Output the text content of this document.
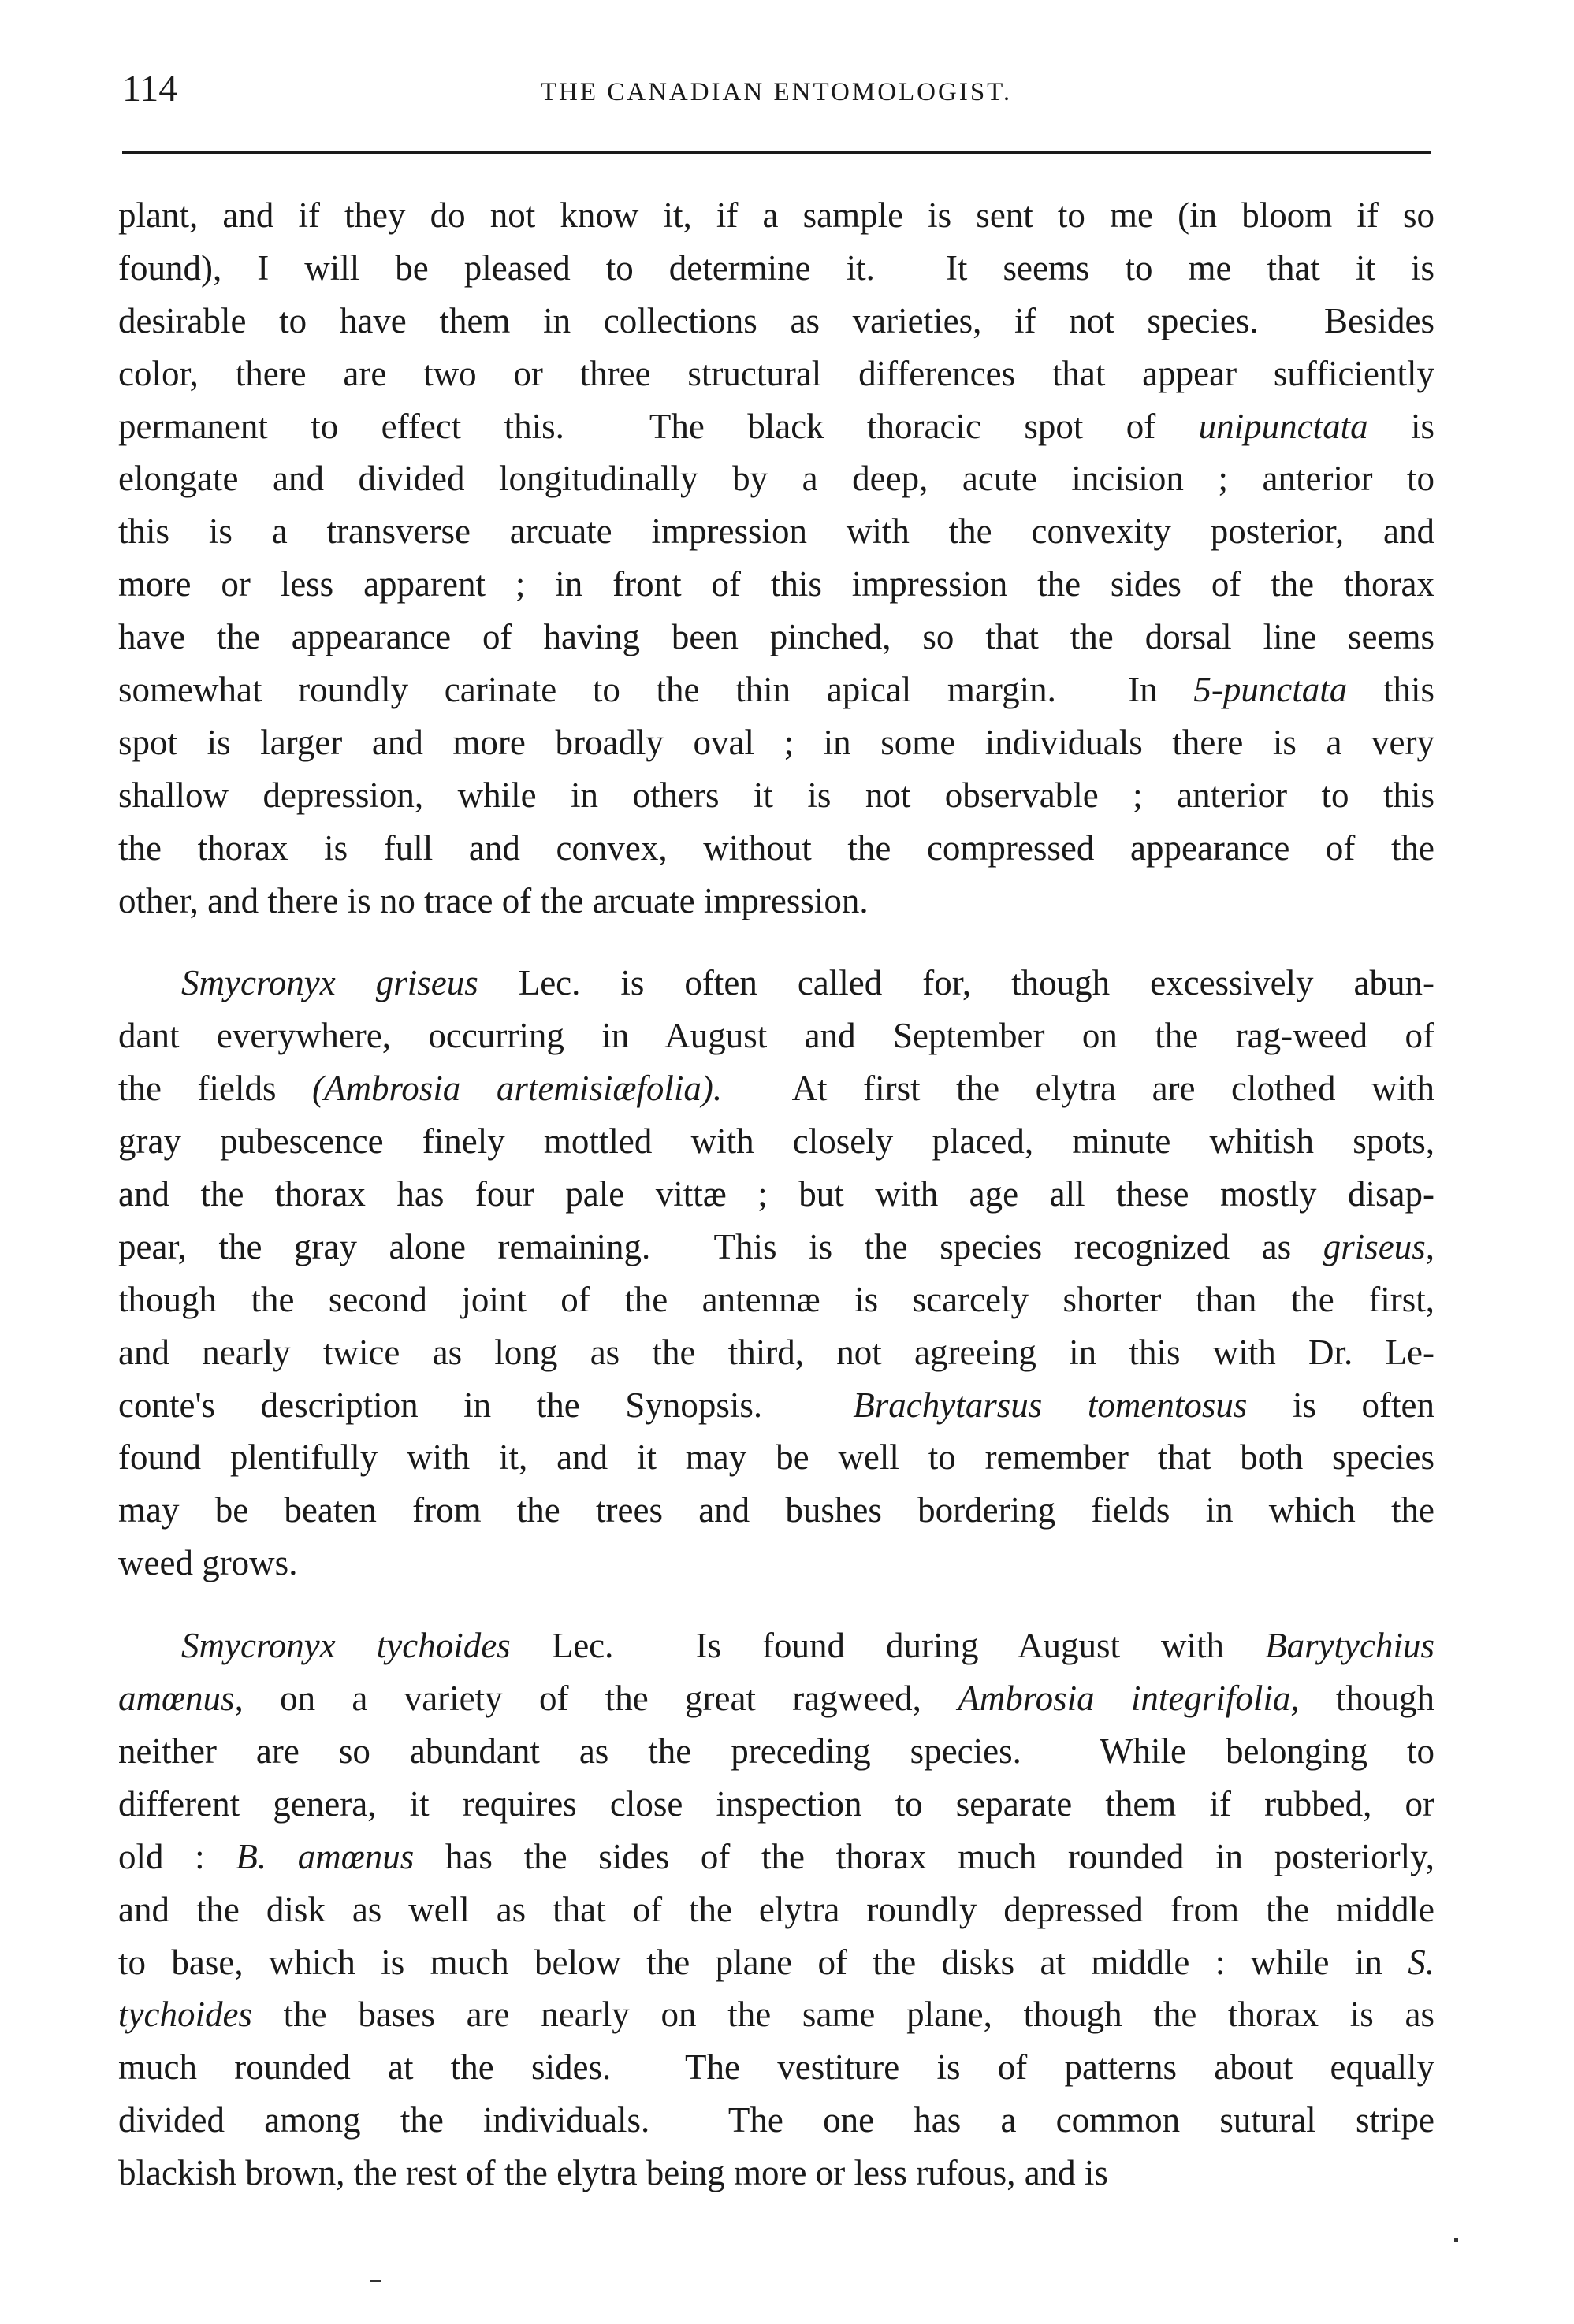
114	THE CANADIAN ENTOMOLOGIST.

plant, and if they do not know it, if a sample is sent to me (in bloom if so
found), I will be pleased to determine it.  It seems to me that it is
desirable to have them in collections as varieties, if not species.  Besides
color, there are two or three structural differences that appear sufficiently
permanent to effect this.  The black thoracic spot of unipunctata is
elongate and divided longitudinally by a deep, acute incision ; anterior to
this is a transverse arcuate impression with the convexity posterior, and
more or less apparent ; in front of this impression the sides of the thorax
have the appearance of having been pinched, so that the dorsal line seems
somewhat roundly carinate to the thin apical margin.  In 5-punctata this
spot is larger and more broadly oval ; in some individuals there is a very
shallow depression, while in others it is not observable ; anterior to this
the thorax is full and convex, without the compressed appearance of the
other, and there is no trace of the arcuate impression.

Smycronyx griseus Lec. is often called for, though excessively abun-
dant everywhere, occurring in August and September on the rag-weed of
the fields (Ambrosia artemisiæfolia).  At first the elytra are clothed with
gray pubescence finely mottled with closely placed, minute whitish spots,
and the thorax has four pale vittæ ; but with age all these mostly disap-
pear, the gray alone remaining.  This is the species recognized as griseus,
though the second joint of the antennæ is scarcely shorter than the first,
and nearly twice as long as the third, not agreeing in this with Dr. Le-
conte's description in the Synopsis.  Brachytarsus tomentosus is often
found plentifully with it, and it may be well to remember that both species
may be beaten from the trees and bushes bordering fields in which the
weed grows.

Smycronyx tychoides Lec.  Is found during August with Barytychius
amœnus, on a variety of the great ragweed, Ambrosia integrifolia, though
neither are so abundant as the preceding species.  While belonging to
different genera, it requires close inspection to separate them if rubbed, or
old : B. amœnus has the sides of the thorax much rounded in posteriorly,
and the disk as well as that of the elytra roundly depressed from the middle
to base, which is much below the plane of the disks at middle : while in S.
tychoides the bases are nearly on the same plane, though the thorax is as
much rounded at the sides.  The vestiture is of patterns about equally
divided among the individuals.  The one has a common sutural stripe
blackish brown, the rest of the elytra being more or less rufous, and is
